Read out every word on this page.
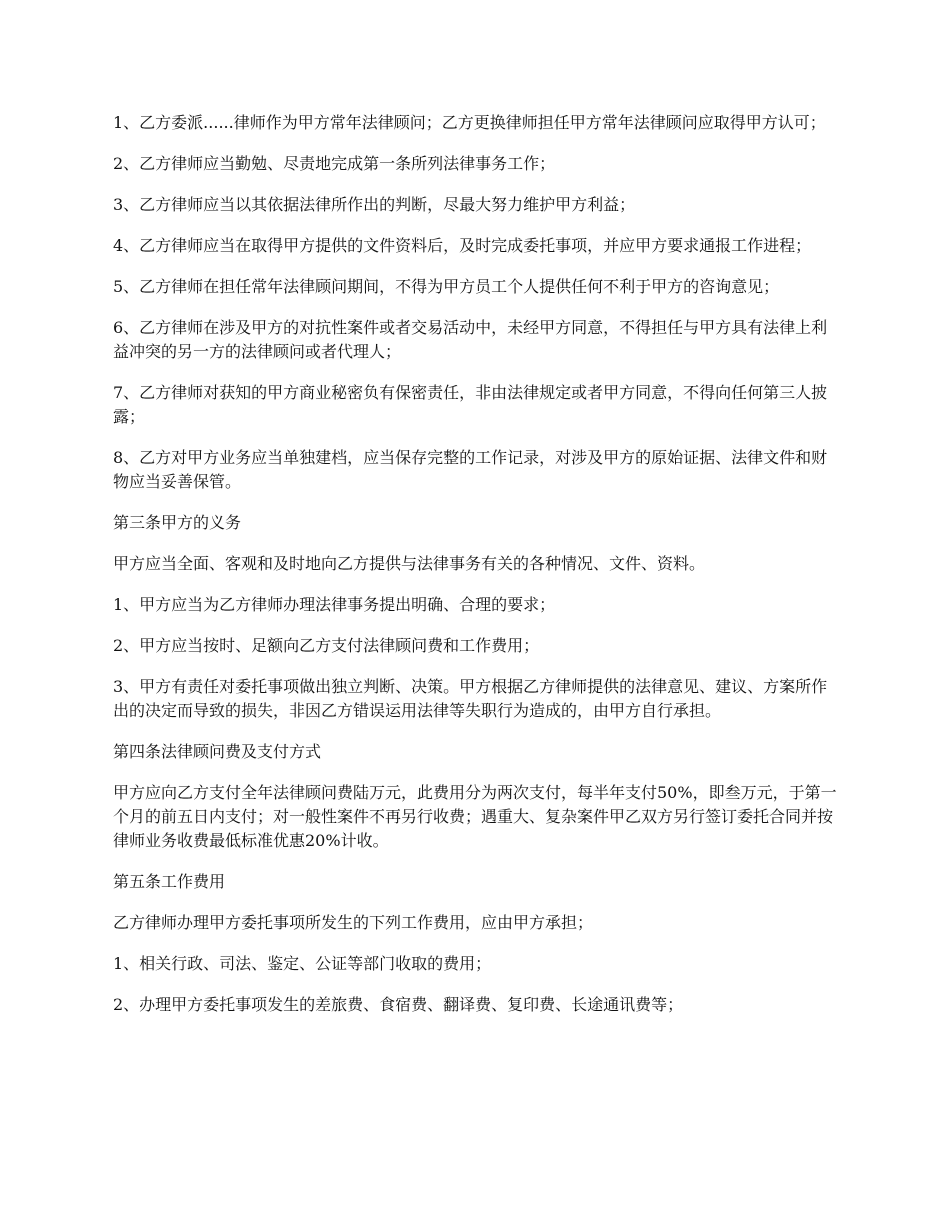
1、乙方委派......律师作为甲方常年法律顾问；乙方更换律师担任甲方常年法律顾问应取得甲方认可；

2、乙方律师应当勤勉、尽责地完成第一条所列法律事务工作；

3、乙方律师应当以其依据法律所作出的判断，尽最大努力维护甲方利益；

4、乙方律师应当在取得甲方提供的文件资料后，及时完成委托事项，并应甲方要求通报工作进程；

5、乙方律师在担任常年法律顾问期间，不得为甲方员工个人提供任何不利于甲方的咨询意见；

6、乙方律师在涉及甲方的对抗性案件或者交易活动中，未经甲方同意，不得担任与甲方具有法律上利益冲突的另一方的法律顾问或者代理人；

7、乙方律师对获知的甲方商业秘密负有保密责任，非由法律规定或者甲方同意，不得向任何第三人披露；

8、乙方对甲方业务应当单独建档，应当保存完整的工作记录，对涉及甲方的原始证据、法律文件和财物应当妥善保管。

第三条甲方的义务

甲方应当全面、客观和及时地向乙方提供与法律事务有关的各种情况、文件、资料。

1、甲方应当为乙方律师办理法律事务提出明确、合理的要求；

2、甲方应当按时、足额向乙方支付法律顾问费和工作费用；

3、甲方有责任对委托事项做出独立判断、决策。甲方根据乙方律师提供的法律意见、建议、方案所作出的决定而导致的损失，非因乙方错误运用法律等失职行为造成的，由甲方自行承担。

第四条法律顾问费及支付方式

甲方应向乙方支付全年法律顾问费陆万元，此费用分为两次支付，每半年支付50%，即叁万元，于第一个月的前五日内支付；对一般性案件不再另行收费；遇重大、复杂案件甲乙双方另行签订委托合同并按律师业务收费最低标准优惠20%计收。

第五条工作费用

乙方律师办理甲方委托事项所发生的下列工作费用，应由甲方承担；

1、相关行政、司法、鉴定、公证等部门收取的费用；

2、办理甲方委托事项发生的差旅费、食宿费、翻译费、复印费、长途通讯费等；
